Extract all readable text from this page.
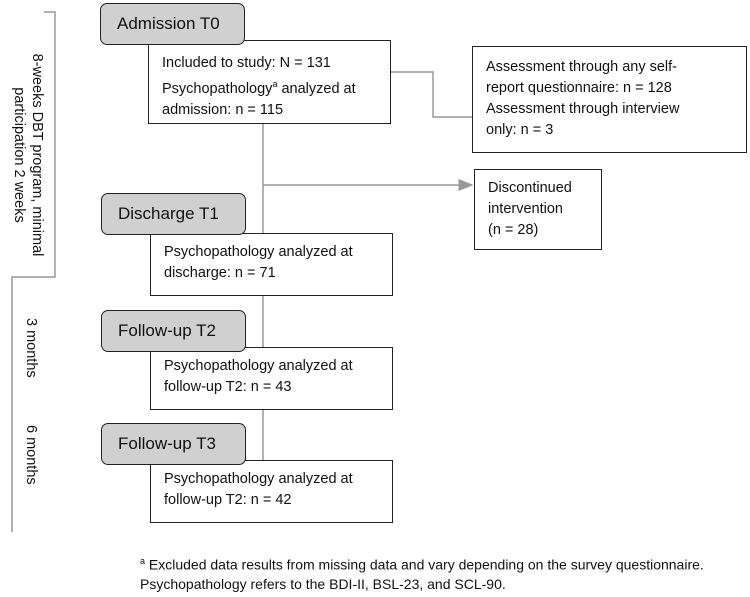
8-weeks DBT program, minimal
participation 2 weeks
3 months
6 months
Admission T0
Included to study: N = 131
Psychopathology$^a$ analyzed at
admission: n = 115
Assessment through any self-
report questionnaire: n = 128
Assessment through interview
only: n = 3
Discontinued
intervention
(n = 28)
Discharge T1
Psychopathology analyzed at
discharge: n = 71
Follow-up T2
Psychopathology analyzed at
follow-up T2: n = 43
Follow-up T3
Psychopathology analyzed at
follow-up T2: n = 42
$^a$ Excluded data results from missing data and vary depending on the survey questionnaire.
Psychopathology refers to the BDI-II, BSL-23, and SCL-90.
